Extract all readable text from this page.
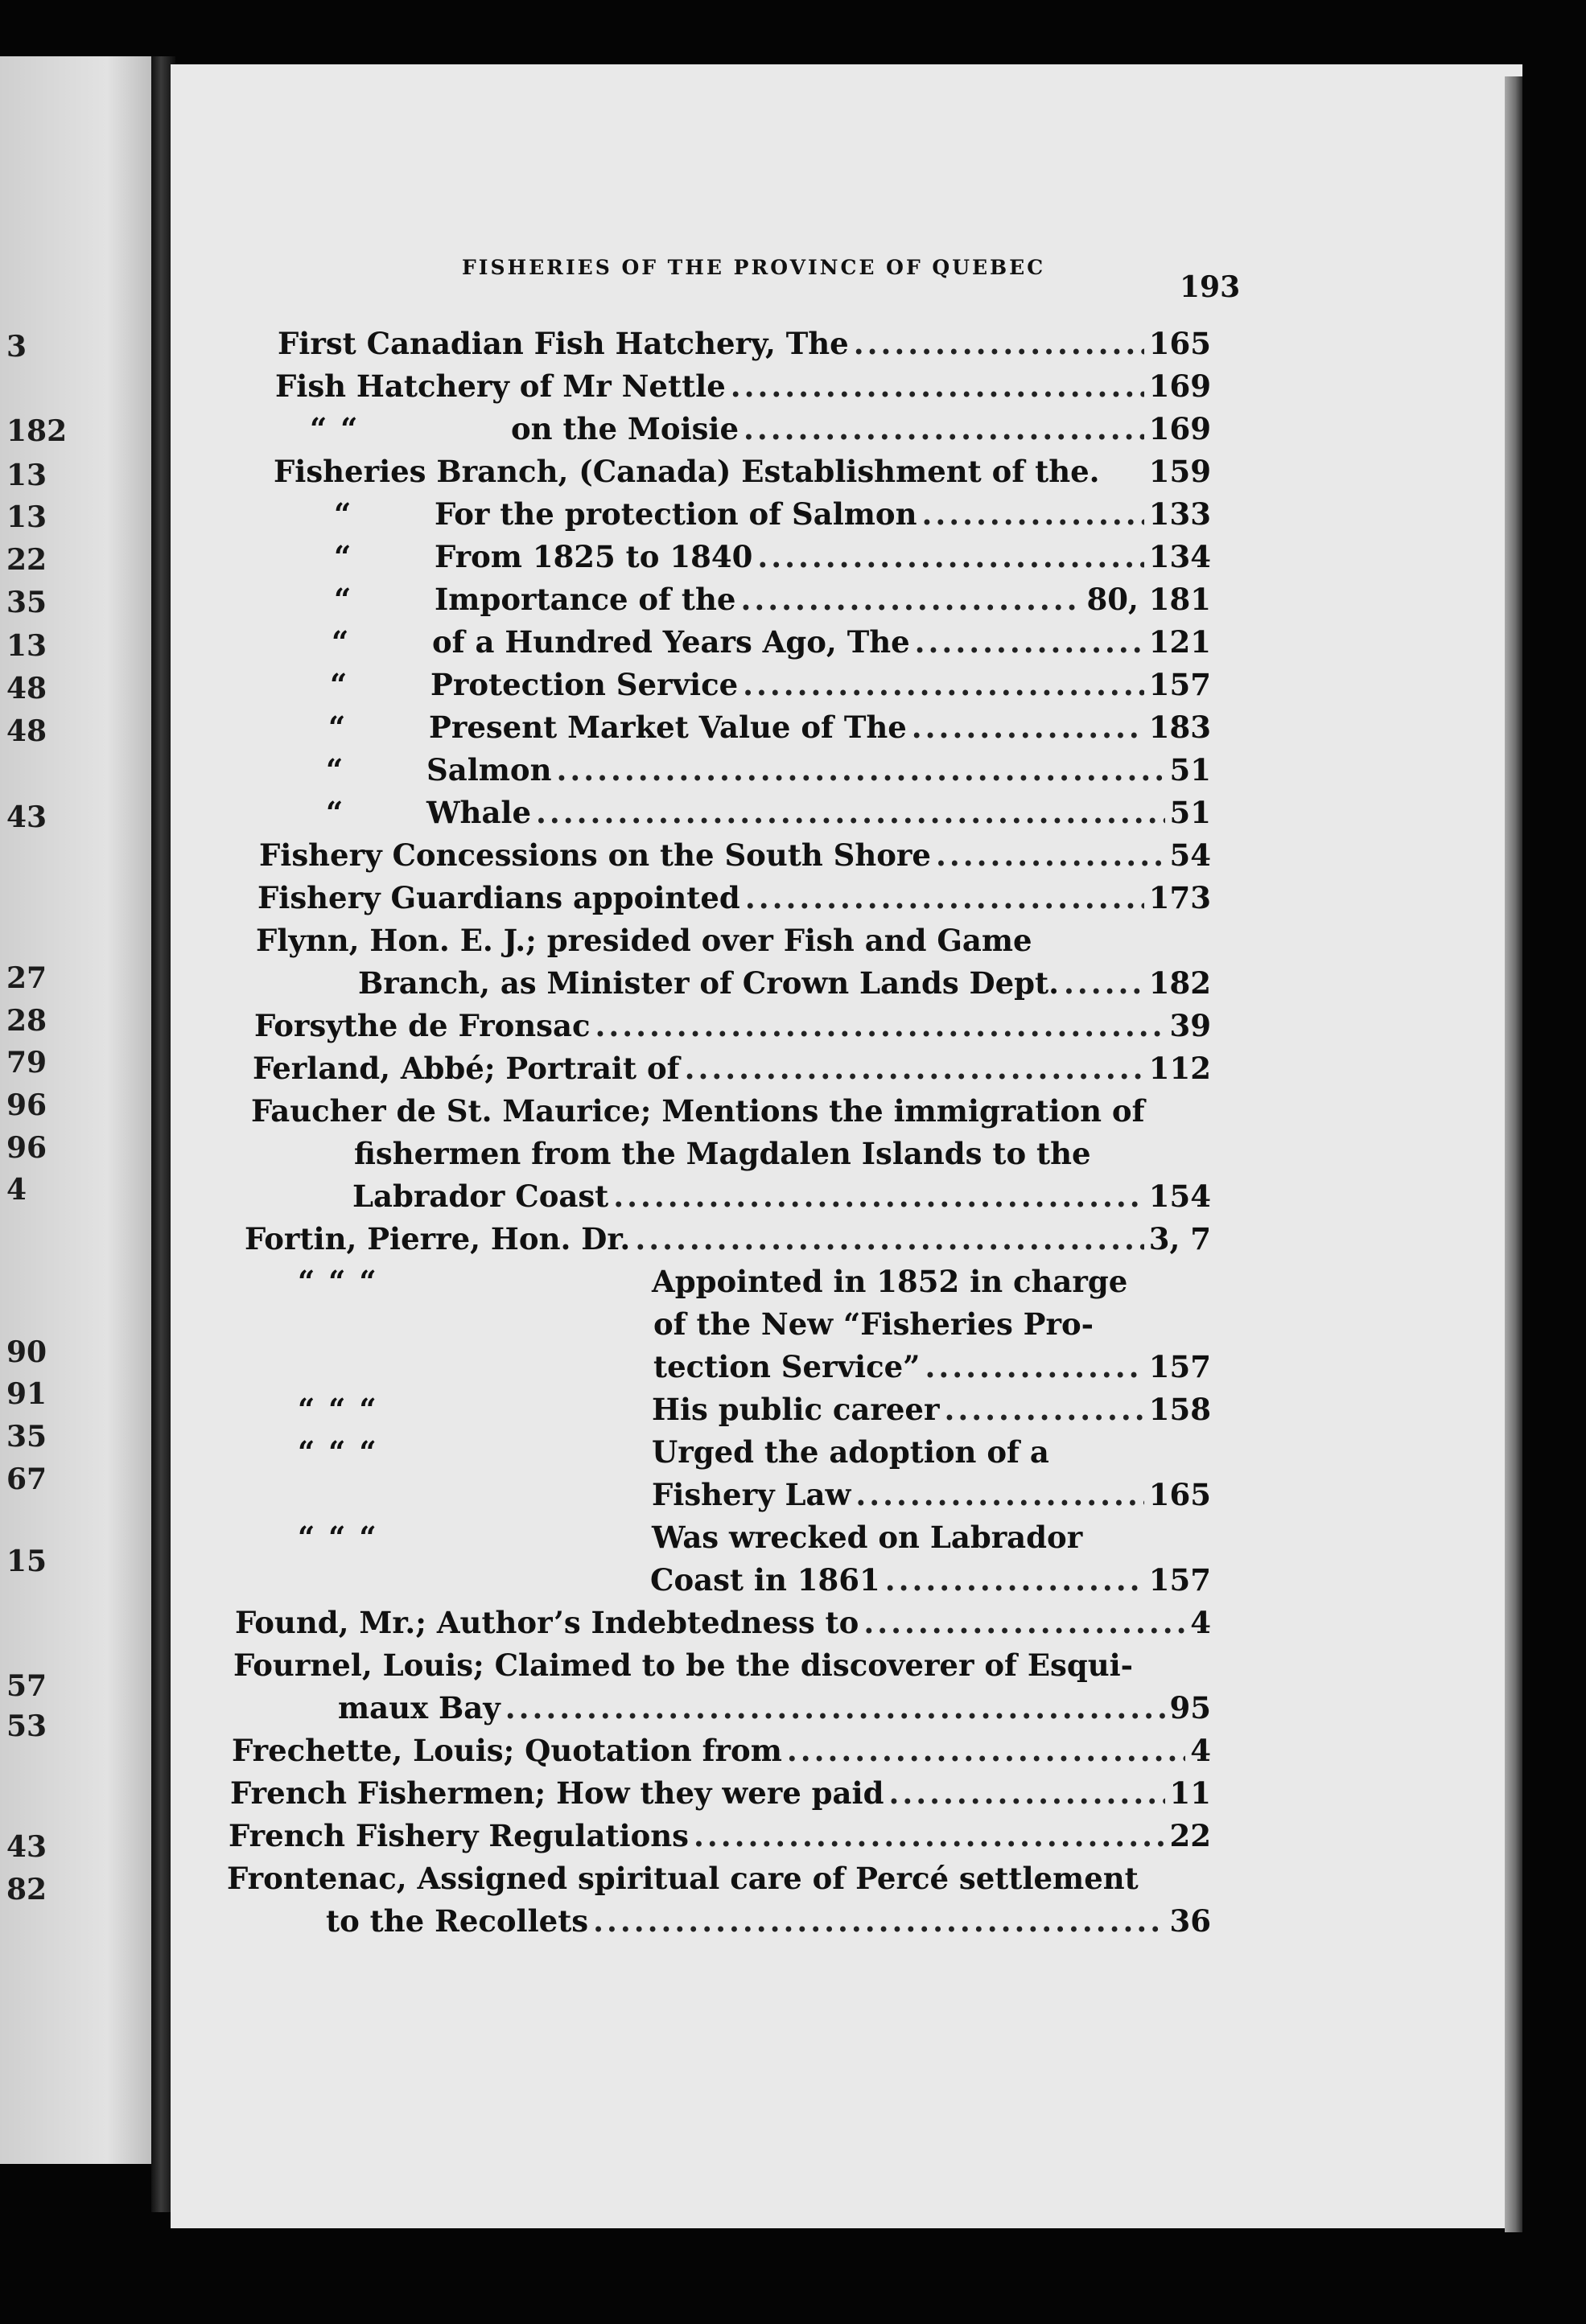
3
182
13
13
22
35
13
48
48
43
27
28
79
96
96
4
90
91
35
67
15
57
53
43
82
FISHERIES OF THE PROVINCE OF QUEBEC
193
First Canadian Fish Hatchery, The .....	165
Fish Hatchery of Mr Nettle .....	169
“ “	on the Moisie .....	169
Fisheries Branch, (Canada) Establishment of the. 159
“	For the protection of Salmon .....	133
“	From 1825 to 1840 .....	134
“	Importance of the .....	80, 181
“	of a Hundred Years Ago, The .....	121
“	Protection Service .....	157
“	Present Market Value of The .....	183
“	Salmon .....	51
“	Whale .....	51
Fishery Concessions on the South Shore .....	54
Fishery Guardians appointed .....	173
Flynn, Hon. E. J.; presided over Fish and Game
Branch, as Minister of Crown Lands Dept. .....	182
Forsythe de Fronsac .....	39
Ferland, Abbé; Portrait of .....	112
Faucher de St. Maurice; Mentions the immigration of
fishermen from the Magdalen Islands to the
Labrador Coast .....	154
Fortin, Pierre, Hon. Dr. .....	3, 7
“ “ “	Appointed in 1852 in charge
of the New “Fisheries Pro-
tection Service” .....	157
“ “ “	His public career .....	158
“ “ “	Urged the adoption of a
Fishery Law .....	165
“ “ “	Was wrecked on Labrador
Coast in 1861 .....	157
Found, Mr.; Author’s Indebtedness to .....	4
Fournel, Louis; Claimed to be the discoverer of Esqui-
maux Bay .....	95
Frechette, Louis; Quotation from .....	4
French Fishermen; How they were paid .....	11
French Fishery Regulations .....	22
Frontenac, Assigned spiritual care of Percé settlement
to the Recollets .....	36
